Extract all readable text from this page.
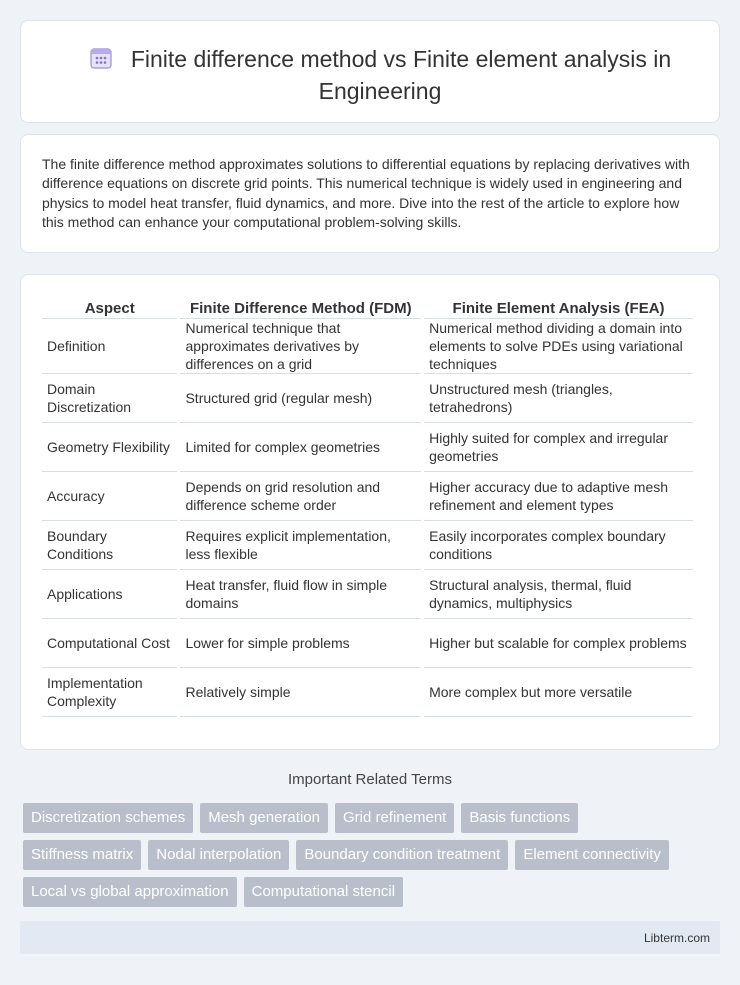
Finite difference method vs Finite element analysis in Engineering

The finite difference method approximates solutions to differential equations by replacing derivatives with difference equations on discrete grid points. This numerical technique is widely used in engineering and physics to model heat transfer, fluid dynamics, and more. Dive into the rest of the article to explore how this method can enhance your computational problem-solving skills.

Aspect	Finite Difference Method (FDM)	Finite Element Analysis (FEA)
Definition	Numerical technique that approximates derivatives by differences on a grid	Numerical method dividing a domain into elements to solve PDEs using variational techniques
Domain Discretization	Structured grid (regular mesh)	Unstructured mesh (triangles, tetrahedrons)
Geometry Flexibility	Limited for complex geometries	Highly suited for complex and irregular geometries
Accuracy	Depends on grid resolution and difference scheme order	Higher accuracy due to adaptive mesh refinement and element types
Boundary Conditions	Requires explicit implementation, less flexible	Easily incorporates complex boundary conditions
Applications	Heat transfer, fluid flow in simple domains	Structural analysis, thermal, fluid dynamics, multiphysics
Computational Cost	Lower for simple problems	Higher but scalable for complex problems
Implementation Complexity	Relatively simple	More complex but more versatile
Important Related Terms
Discretization schemes	Mesh generation	Grid refinement	Basis functions
Stiffness matrix	Nodal interpolation	Boundary condition treatment	Element connectivity
Local vs global approximation	Computational stencil
Libterm.com
